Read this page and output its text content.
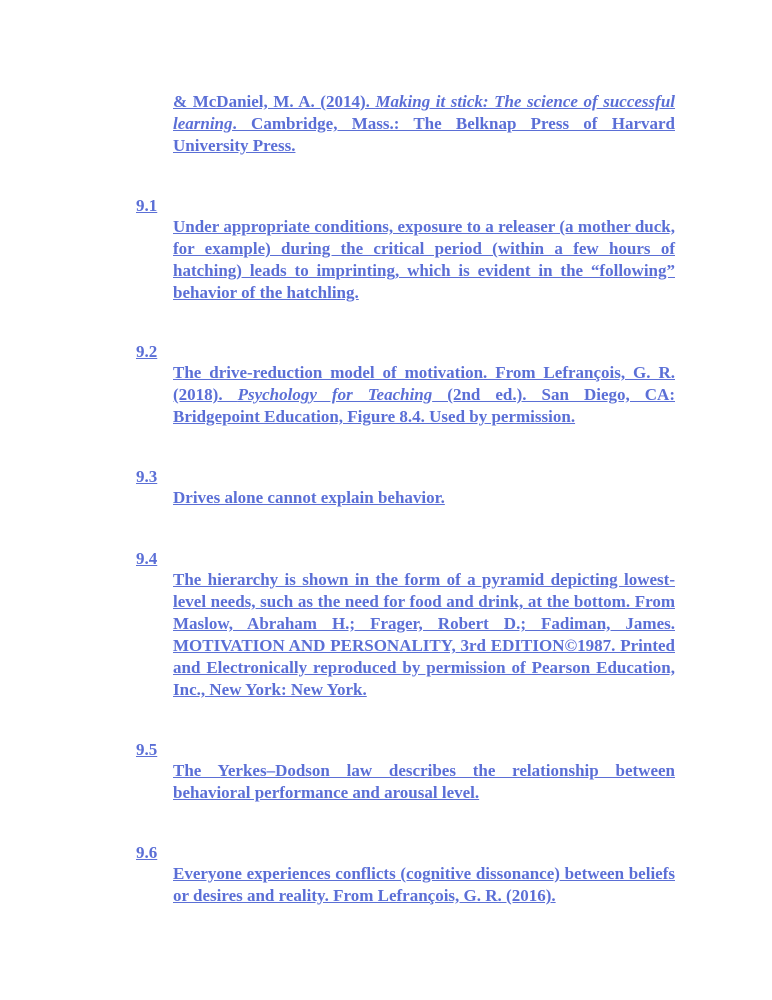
& McDaniel, M. A. (2014). Making it stick: The science of successful learning. Cambridge, Mass.: The Belknap Press of Harvard University Press.
9.1
Under appropriate conditions, exposure to a releaser (a mother duck, for example) during the critical period (within a few hours of hatching) leads to imprinting, which is evident in the “following” behavior of the hatchling.
9.2
The drive-reduction model of motivation. From Lefrançois, G. R. (2018). Psychology for Teaching (2nd ed.). San Diego, CA: Bridgepoint Education, Figure 8.4. Used by permission.
9.3
Drives alone cannot explain behavior.
9.4
The hierarchy is shown in the form of a pyramid depicting lowest-level needs, such as the need for food and drink, at the bottom. From Maslow, Abraham H.; Frager, Robert D.; Fadiman, James. MOTIVATION AND PERSONALITY, 3rd EDITION©1987. Printed and Electronically reproduced by permission of Pearson Education, Inc., New York: New York.
9.5
The Yerkes–Dodson law describes the relationship between behavioral performance and arousal level.
9.6
Everyone experiences conflicts (cognitive dissonance) between beliefs or desires and reality. From Lefrançois, G. R. (2016).
